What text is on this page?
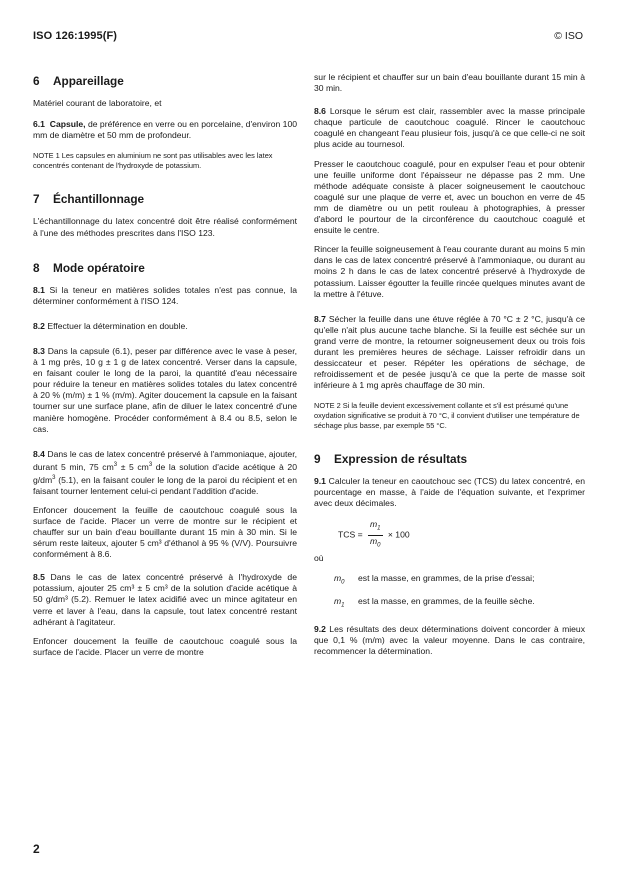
ISO 126:1995(F)	© ISO
6 Appareillage

Matériel courant de laboratoire, et

6.1 Capsule, de préférence en verre ou en porcelaine, d'environ 100 mm de diamètre et 50 mm de profondeur.

NOTE 1 Les capsules en aluminium ne sont pas utilisables avec les latex concentrés contenant de l'hydroxyde de potassium.

7 Échantillonnage

L'échantillonnage du latex concentré doit être réalisé conformément à l'une des méthodes prescrites dans l'ISO 123.

8 Mode opératoire

8.1 Si la teneur en matières solides totales n'est pas connue, la déterminer conformément à l'ISO 124.

8.2 Effectuer la détermination en double.

8.3 Dans la capsule (6.1), peser par différence avec le vase à peser, à 1 mg près, 10 g ± 1 g de latex concentré. Verser dans la capsule, en faisant couler le long de la paroi, la quantité d'eau nécessaire pour réduire la teneur en matières solides totales du latex concentré à 20 % (m/m) ± 1 % (m/m). Agiter doucement la capsule en la faisant tourner sur une surface plane, afin de diluer le latex concentré d'une manière homogène. Procéder conformément à 8.4 ou 8.5, selon le cas.

8.4 Dans le cas de latex concentré préservé à l'ammoniaque, ajouter, durant 5 min, 75 $cm^3 \pm 5$ $cm^3$ de la solution d'acide acétique à 20 $g/dm^3$ (5.1), en la faisant couler le long de la paroi du récipient et en faisant tourner lentement celui-ci pendant l'addition d'acide.

Enfoncer doucement la feuille de caoutchouc coagulé sous la surface de l'acide. Placer un verre de montre sur le récipient et chauffer sur un bain d'eau bouillante durant 15 min à 30 min. Si le sérum reste laiteux, ajouter 5 cm³ d'éthanol à 95 % (V/V). Poursuivre conformément à 8.6.

8.5 Dans le cas de latex concentré préservé à l'hydroxyde de potassium, ajouter 25 cm³ ± 5 cm³ de la solution d'acide acétique à 50 g/dm³ (5.2). Remuer le latex acidifié avec un mince agitateur en verre et laver à l'eau, dans la capsule, tout latex concentré restant adhérant à l'agitateur.

Enfoncer doucement la feuille de caoutchouc coagulé sous la surface de l'acide. Placer un verre de montre

sur le récipient et chauffer sur un bain d'eau bouillante durant 15 min à 30 min.

8.6 Lorsque le sérum est clair, rassembler avec la masse principale chaque particule de caoutchouc coagulé. Rincer le caoutchouc coagulé en changeant l'eau plusieur fois, jusqu'à ce que celle-ci ne soit plus acide au tournesol.

Presser le caoutchouc coagulé, pour en expulser l'eau et pour obtenir une feuille uniforme dont l'épaisseur ne dépasse pas 2 mm. Une méthode adéquate consiste à placer soigneusement le caoutchouc coagulé sur une plaque de verre et, avec un bouchon en verre de 45 mm de diamètre ou un petit rouleau à photographies, à presser d'abord le pourtour de la circonférence du caoutchouc coagulé et ensuite le centre.

Rincer la feuille soigneusement à l'eau courante durant au moins 5 min dans le cas de latex concentré préservé à l'ammoniaque, ou durant au moins 2 h dans le cas de latex concentré préservé à l'hydroxyde de potassium. Laisser égoutter la feuille rincée quelques minutes avant de la mettre à l'étuve.

8.7 Sécher la feuille dans une étuve réglée à 70 °C ± 2 °C, jusqu'à ce qu'elle n'ait plus aucune tache blanche. Si la feuille est séchée sur un grand verre de montre, la retourner soigneusement deux ou trois fois durant les premières heures de séchage. Laisser refroidir dans un dessiccateur et peser. Répéter les opérations de séchage, de refroidissement et de pesée jusqu'à ce que la perte de masse soit inférieure à 1 mg après chauffage de 30 min.

NOTE 2 Si la feuille devient excessivement collante et s'il est présumé qu'une oxydation significative se produit à 70 °C, il convient d'utiliser une température de séchage plus basse, par exemple 55 °C.

9 Expression de résultats

9.1 Calculer la teneur en caoutchouc sec (TCS) du latex concentré, en pourcentage en masse, à l'aide de l'équation suivante, et l'exprimer avec deux décimales.

TCS = $\frac{m_1}{m_0} \times 100$

où

$m_0$	est la masse, en grammes, de la prise d'essai;
$m_1$	est la masse, en grammes, de la feuille sèche.

9.2 Les résultats des deux déterminations doivent concorder à mieux que 0,1 % (m/m) avec la valeur moyenne. Dans le cas contraire, recommencer la détermination.

2
